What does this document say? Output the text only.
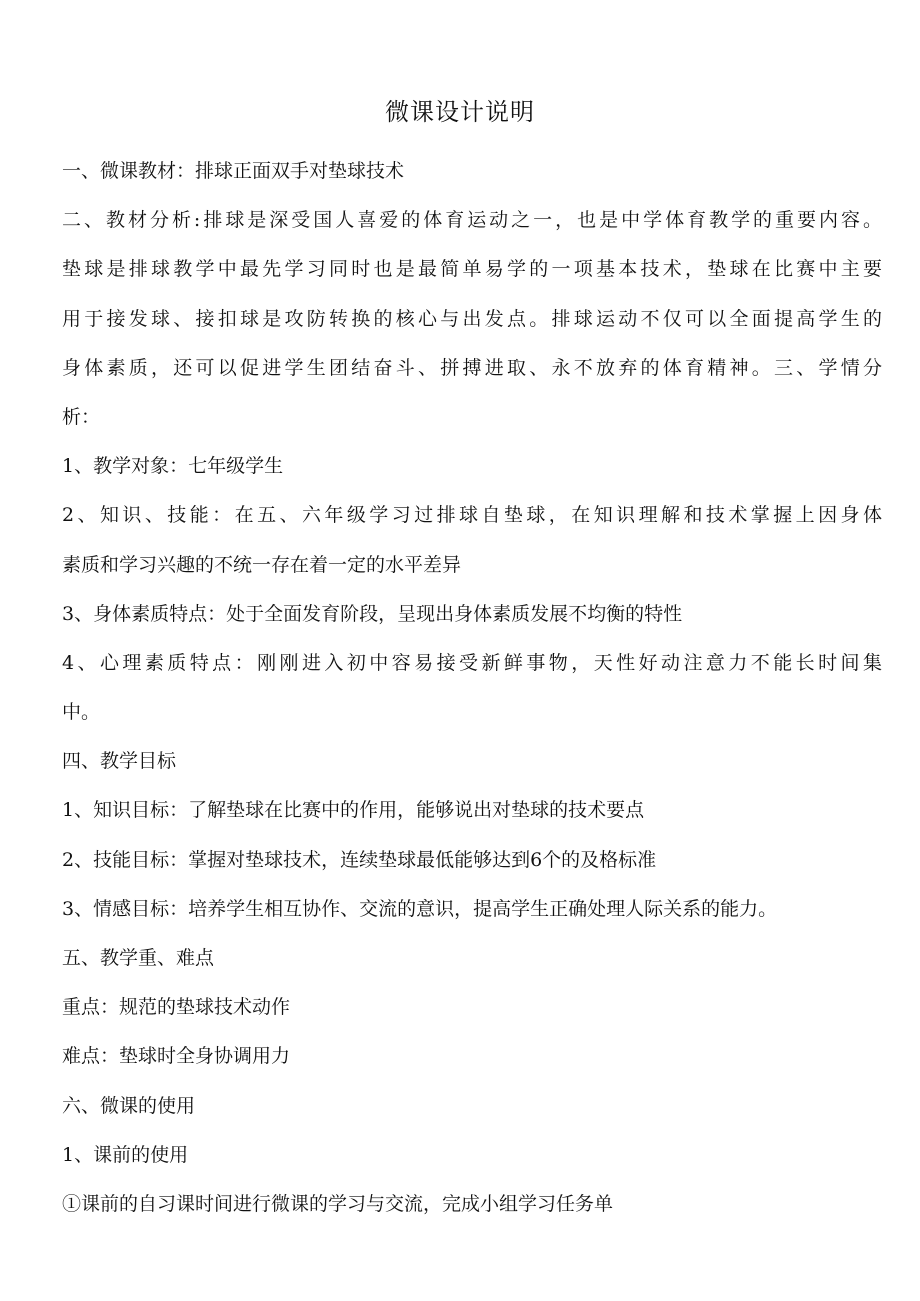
微课设计说明
一、微课教材：排球正面双手对垫球技术
二、教材分析:排球是深受国人喜爱的体育运动之一，也是中学体育教学的重要内容。
垫球是排球教学中最先学习同时也是最简单易学的一项基本技术，垫球在比赛中主要
用于接发球、接扣球是攻防转换的核心与出发点。排球运动不仅可以全面提高学生的
身体素质，还可以促进学生团结奋斗、拼搏进取、永不放弃的体育精神。三、学情分
析：
1、教学对象：七年级学生
2、知识、技能：在五、六年级学习过排球自垫球，在知识理解和技术掌握上因身体
素质和学习兴趣的不统一存在着一定的水平差异
3、身体素质特点：处于全面发育阶段，呈现出身体素质发展不均衡的特性
4、心理素质特点：刚刚进入初中容易接受新鲜事物，天性好动注意力不能长时间集
中。
四、教学目标
1、知识目标：了解垫球在比赛中的作用，能够说出对垫球的技术要点
2、技能目标：掌握对垫球技术，连续垫球最低能够达到6个的及格标准
3、情感目标：培养学生相互协作、交流的意识，提高学生正确处理人际关系的能力。
五、教学重、难点
重点：规范的垫球技术动作
难点：垫球时全身协调用力
六、微课的使用
1、课前的使用
①课前的自习课时间进行微课的学习与交流，完成小组学习任务单
